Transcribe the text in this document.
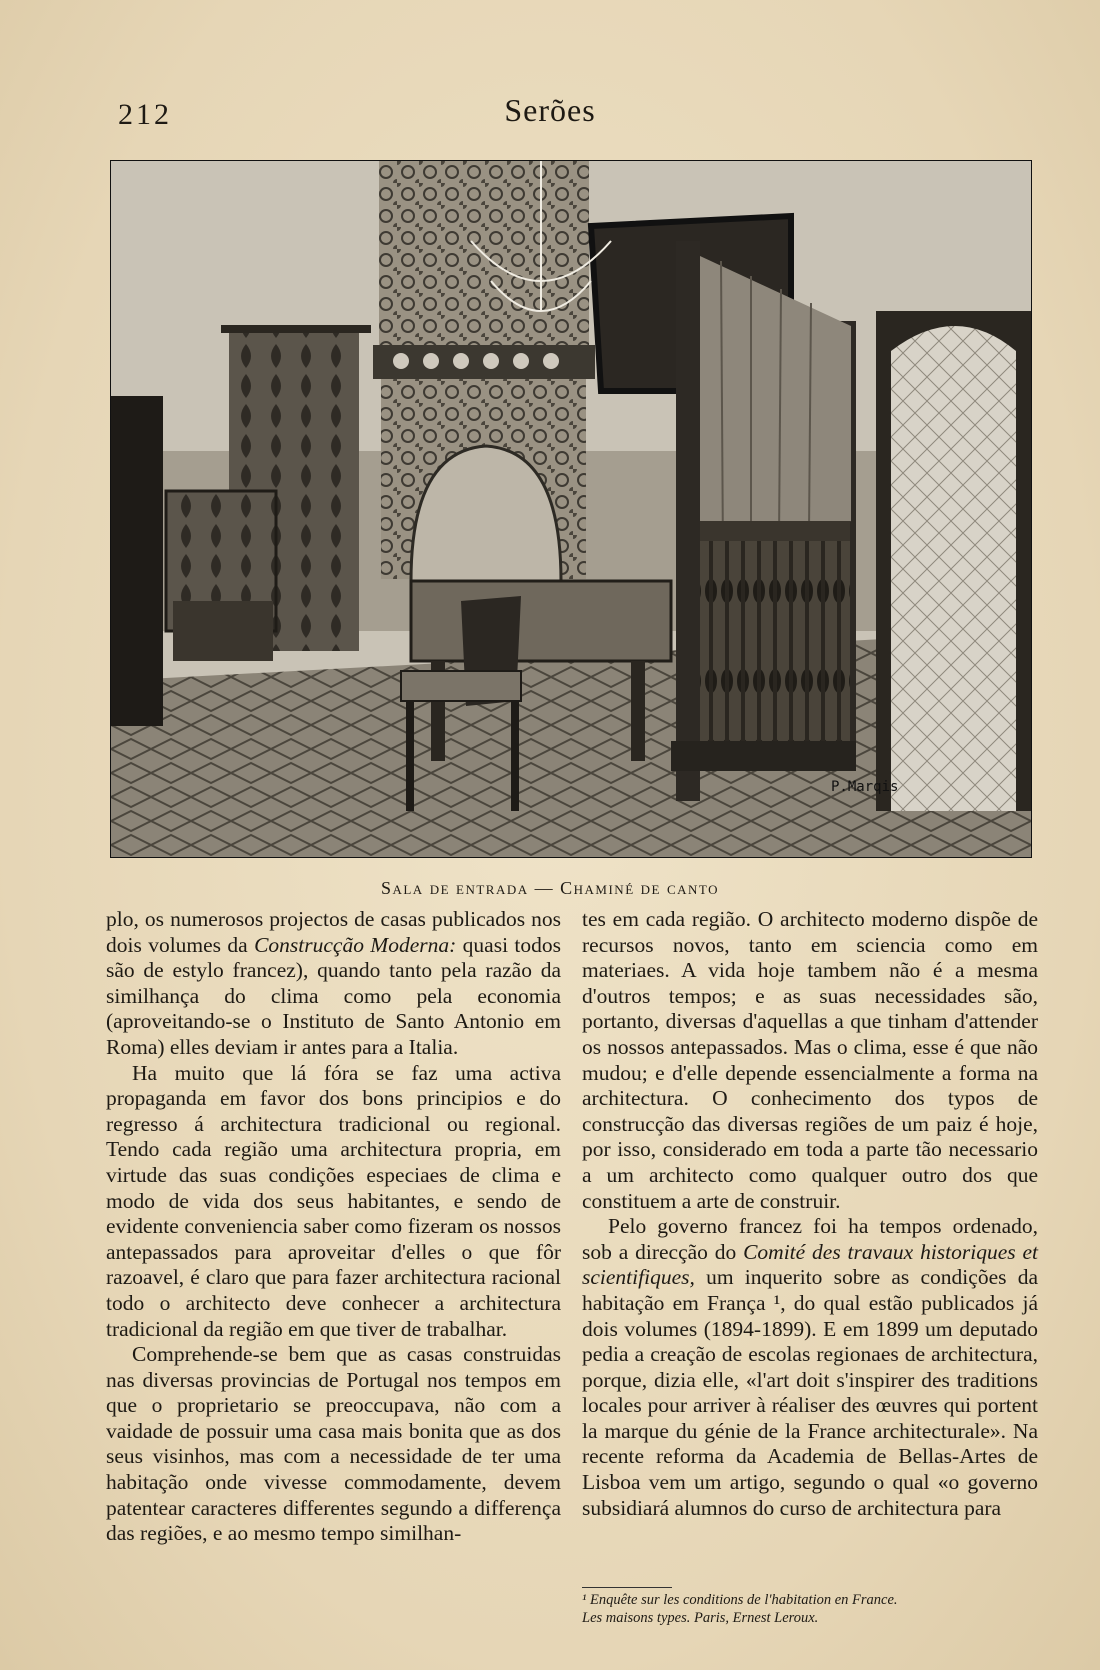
212	Serões
P.Marqis
Sala de entrada — Chaminé de canto

plo, os numerosos projectos de casas publicados nos dois volumes da Construcção Moderna: quasi todos são de estylo francez), quando tanto pela razão da similhança do clima como pela economia (aproveitando-se o Instituto de Santo Antonio em Roma) elles deviam ir antes para a Italia.

Ha muito que lá fóra se faz uma activa propaganda em favor dos bons principios e do regresso á architectura tradicional ou regional. Tendo cada região uma architectura propria, em virtude das suas condições especiaes de clima e modo de vida dos seus habitantes, e sendo de evidente conveniencia saber como fizeram os nossos antepassados para aproveitar d'elles o que fôr razoavel, é claro que para fazer architectura racional todo o architecto deve conhecer a architectura tradicional da região em que tiver de trabalhar.

Comprehende-se bem que as casas construidas nas diversas provincias de Portugal nos tempos em que o proprietario se preoccupava, não com a vaidade de possuir uma casa mais bonita que as dos seus visinhos, mas com a necessidade de ter uma habitação onde vivesse commodamente, devem patentear caracteres differentes segundo a differença das regiões, e ao mesmo tempo similhan-

tes em cada região. O architecto moderno dispõe de recursos novos, tanto em sciencia como em materiaes. A vida hoje tambem não é a mesma d'outros tempos; e as suas necessidades são, portanto, diversas d'aquellas a que tinham d'attender os nossos antepassados. Mas o clima, esse é que não mudou; e d'elle depende essencialmente a forma na architectura. O conhecimento dos typos de construcção das diversas regiões de um paiz é hoje, por isso, considerado em toda a parte tão necessario a um architecto como qualquer outro dos que constituem a arte de construir.

Pelo governo francez foi ha tempos ordenado, sob a direcção do Comité des travaux historiques et scientifiques, um inquerito sobre as condições da habitação em França ¹, do qual estão publicados já dois volumes (1894-1899). E em 1899 um deputado pedia a creação de escolas regionaes de architectura, porque, dizia elle, «l'art doit s'inspirer des traditions locales pour arriver à réaliser des œuvres qui portent la marque du génie de la France architecturale». Na recente reforma da Academia de Bellas-Artes de Lisboa vem um artigo, segundo o qual «o governo subsidiará alumnos do curso de architectura para

¹ Enquête sur les conditions de l'habitation en France.
Les maisons types. Paris, Ernest Leroux.
